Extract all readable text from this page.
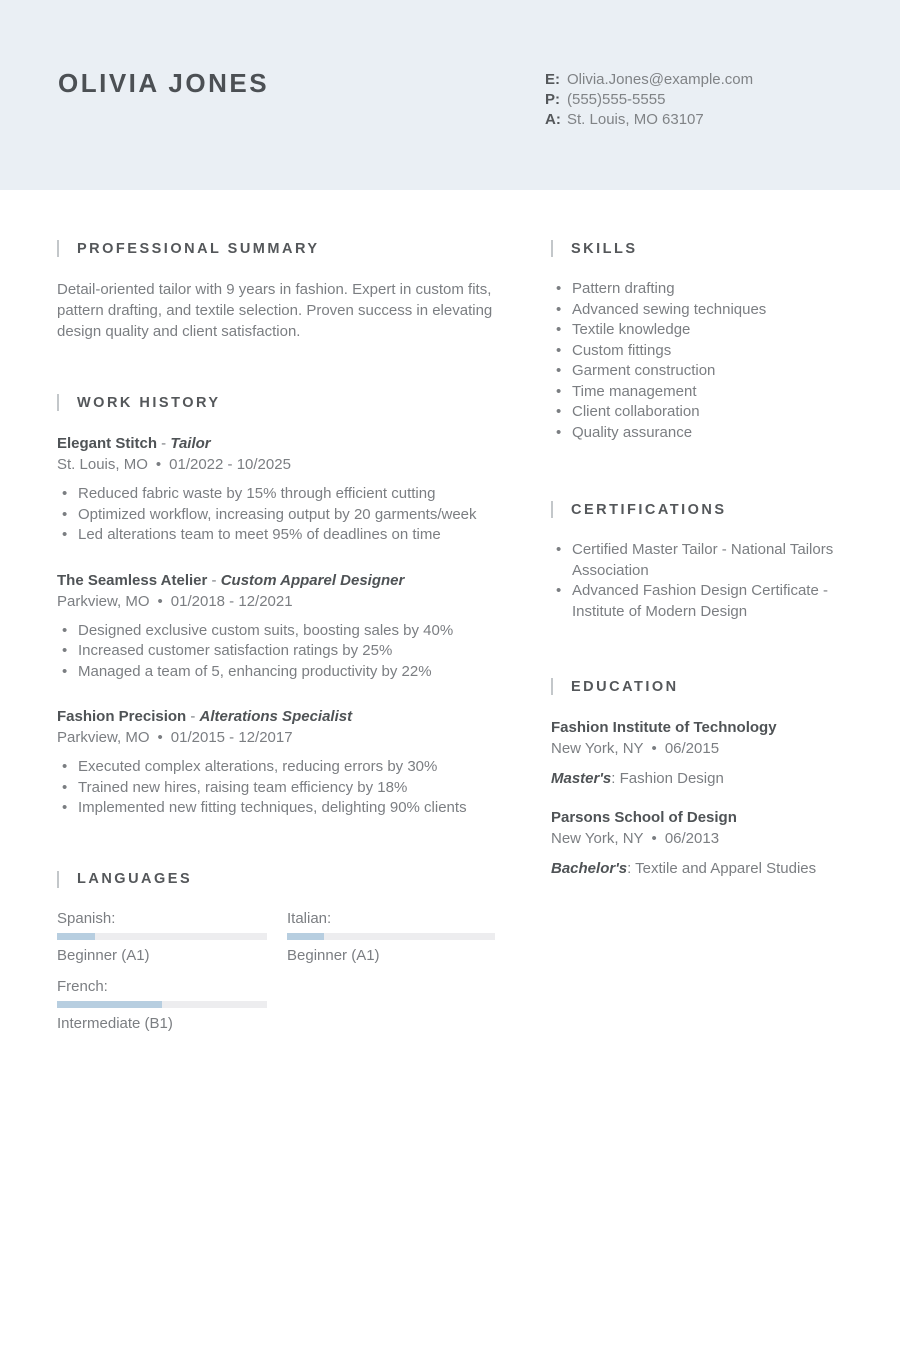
OLIVIA JONES	E: Olivia.Jones@example.com
P: (555)555-5555
A: St. Louis, MO 63107
PROFESSIONAL SUMMARY

Detail-oriented tailor with 9 years in fashion. Expert in custom fits, pattern drafting, and textile selection. Proven success in elevating design quality and client satisfaction.

WORK HISTORY
Elegant Stitch - Tailor
St. Louis, MO • 01/2022 - 10/2025
• Reduced fabric waste by 15% through efficient cutting
• Optimized workflow, increasing output by 20 garments/week
• Led alterations team to meet 95% of deadlines on time
The Seamless Atelier - Custom Apparel Designer
Parkview, MO • 01/2018 - 12/2021
• Designed exclusive custom suits, boosting sales by 40%
• Increased customer satisfaction ratings by 25%
• Managed a team of 5, enhancing productivity by 22%
Fashion Precision - Alterations Specialist
Parkview, MO • 01/2015 - 12/2017
• Executed complex alterations, reducing errors by 30%
• Trained new hires, raising team efficiency by 18%
• Implemented new fitting techniques, delighting 90% clients
LANGUAGES
Spanish:
Beginner (A1)
Italian:
Beginner (A1)
French:
Intermediate (B1)
SKILLS
• Pattern drafting
• Advanced sewing techniques
• Textile knowledge
• Custom fittings
• Garment construction
• Time management
• Client collaboration
• Quality assurance
CERTIFICATIONS
• Certified Master Tailor - National Tailors Association
• Advanced Fashion Design Certificate - Institute of Modern Design
EDUCATION
Fashion Institute of Technology
New York, NY • 06/2015
Master's: Fashion Design
Parsons School of Design
New York, NY • 06/2013
Bachelor's: Textile and Apparel Studies
